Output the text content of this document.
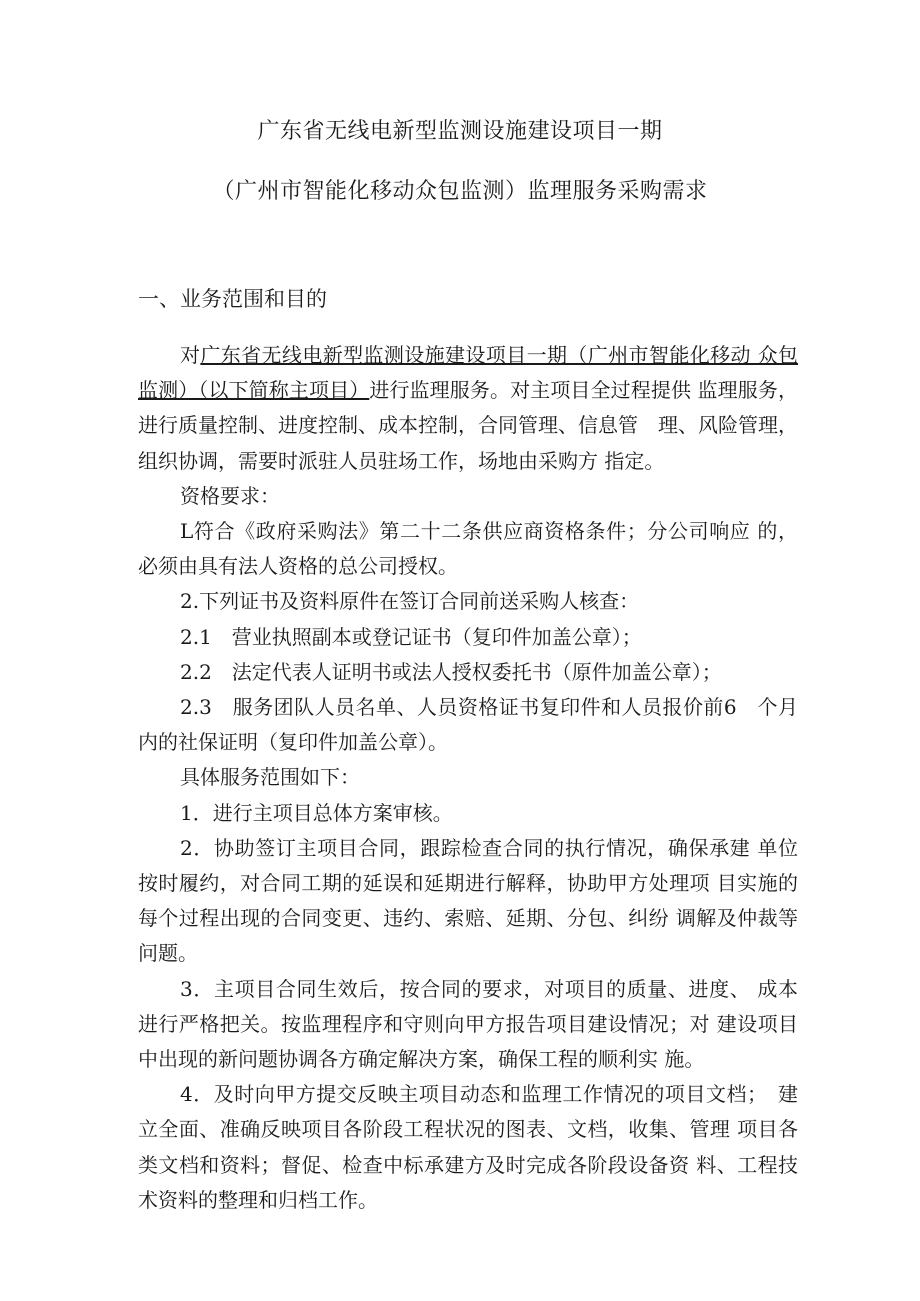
广东省无线电新型监测设施建设项目一期
（广州市智能化移动众包监测）监理服务采购需求
一、业务范围和目的

对广东省无线电新型监测设施建设项目一期（广州市智能化移动 众包监测）（以下简称主项目）进行监理服务。对主项目全过程提供 监理服务，进行质量控制、进度控制、成本控制，合同管理、信息管　理、风险管理，组织协调，需要时派驻人员驻场工作，场地由采购方 指定。

资格要求：

L符合《政府采购法》第二十二条供应商资格条件；分公司响应 的，必须由具有法人资格的总公司授权。

2.下列证书及资料原件在签订合同前送采购人核查：

2.1　营业执照副本或登记证书（复印件加盖公章）；

2.2　法定代表人证明书或法人授权委托书（原件加盖公章）；

2.3　服务团队人员名单、人员资格证书复印件和人员报价前6　个月内的社保证明（复印件加盖公章）。

具体服务范围如下：

1．进行主项目总体方案审核。

2．协助签订主项目合同，跟踪检查合同的执行情况，确保承建 单位按时履约，对合同工期的延误和延期进行解释，协助甲方处理项 目实施的每个过程出现的合同变更、违约、索赔、延期、分包、纠纷 调解及仲裁等问题。

3．主项目合同生效后，按合同的要求，对项目的质量、进度、 成本进行严格把关。按监理程序和守则向甲方报告项目建设情况；对 建设项目中出现的新问题协调各方确定解决方案，确保工程的顺利实 施。

4．及时向甲方提交反映主项目动态和监理工作情况的项目文档；　建立全面、准确反映项目各阶段工程状况的图表、文档，收集、管理 项目各类文档和资料；督促、检查中标承建方及时完成各阶段设备资 料、工程技术资料的整理和归档工作。
